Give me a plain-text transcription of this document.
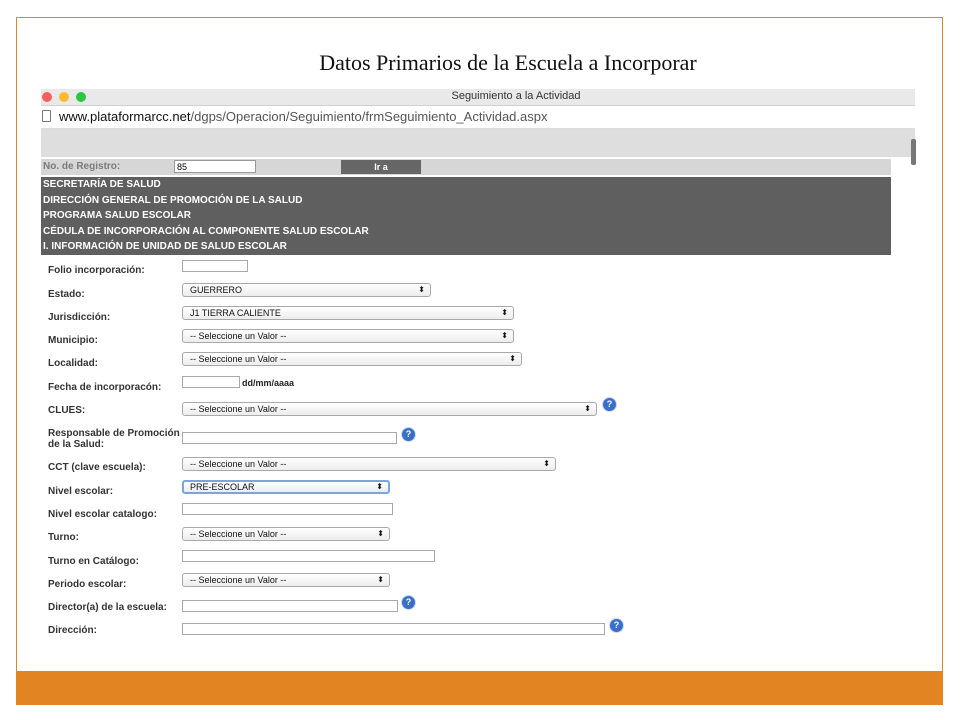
Datos Primarios de la Escuela a Incorporar
Seguimiento a la Actividad
www.plataformarcc.net/dgps/Operacion/Seguimiento/frmSeguimiento_Actividad.aspx
No. de Registro:	85	Ir a
SECRETARÍA DE SALUD
DIRECCIÓN GENERAL DE PROMOCIÓN DE LA SALUD
PROGRAMA SALUD ESCOLAR
CÉDULA DE INCORPORACIÓN AL COMPONENTE SALUD ESCOLAR
I. INFORMACIÓN DE UNIDAD DE SALUD ESCOLAR
Folio incorporación:
Estado:	GUERRERO	⬍
Jurisdicción:	J1 TIERRA CALIENTE	⬍
Municipio:	-- Seleccione un Valor --	⬍
Localidad:	-- Seleccione un Valor --	⬍
Fecha de incorporacón:	dd/mm/aaaa
CLUES:	-- Seleccione un Valor --	⬍	?
Responsable de Promoción
de la Salud:
?
CCT (clave escuela):	-- Seleccione un Valor --	⬍
Nivel escolar:	PRE-ESCOLAR	⬍
Nivel escolar catalogo:
Turno:	-- Seleccione un Valor --	⬍
Turno en Catálogo:
Periodo escolar:	-- Seleccione un Valor --	⬍
Director(a) de la escuela:	?
Dirección:	?
